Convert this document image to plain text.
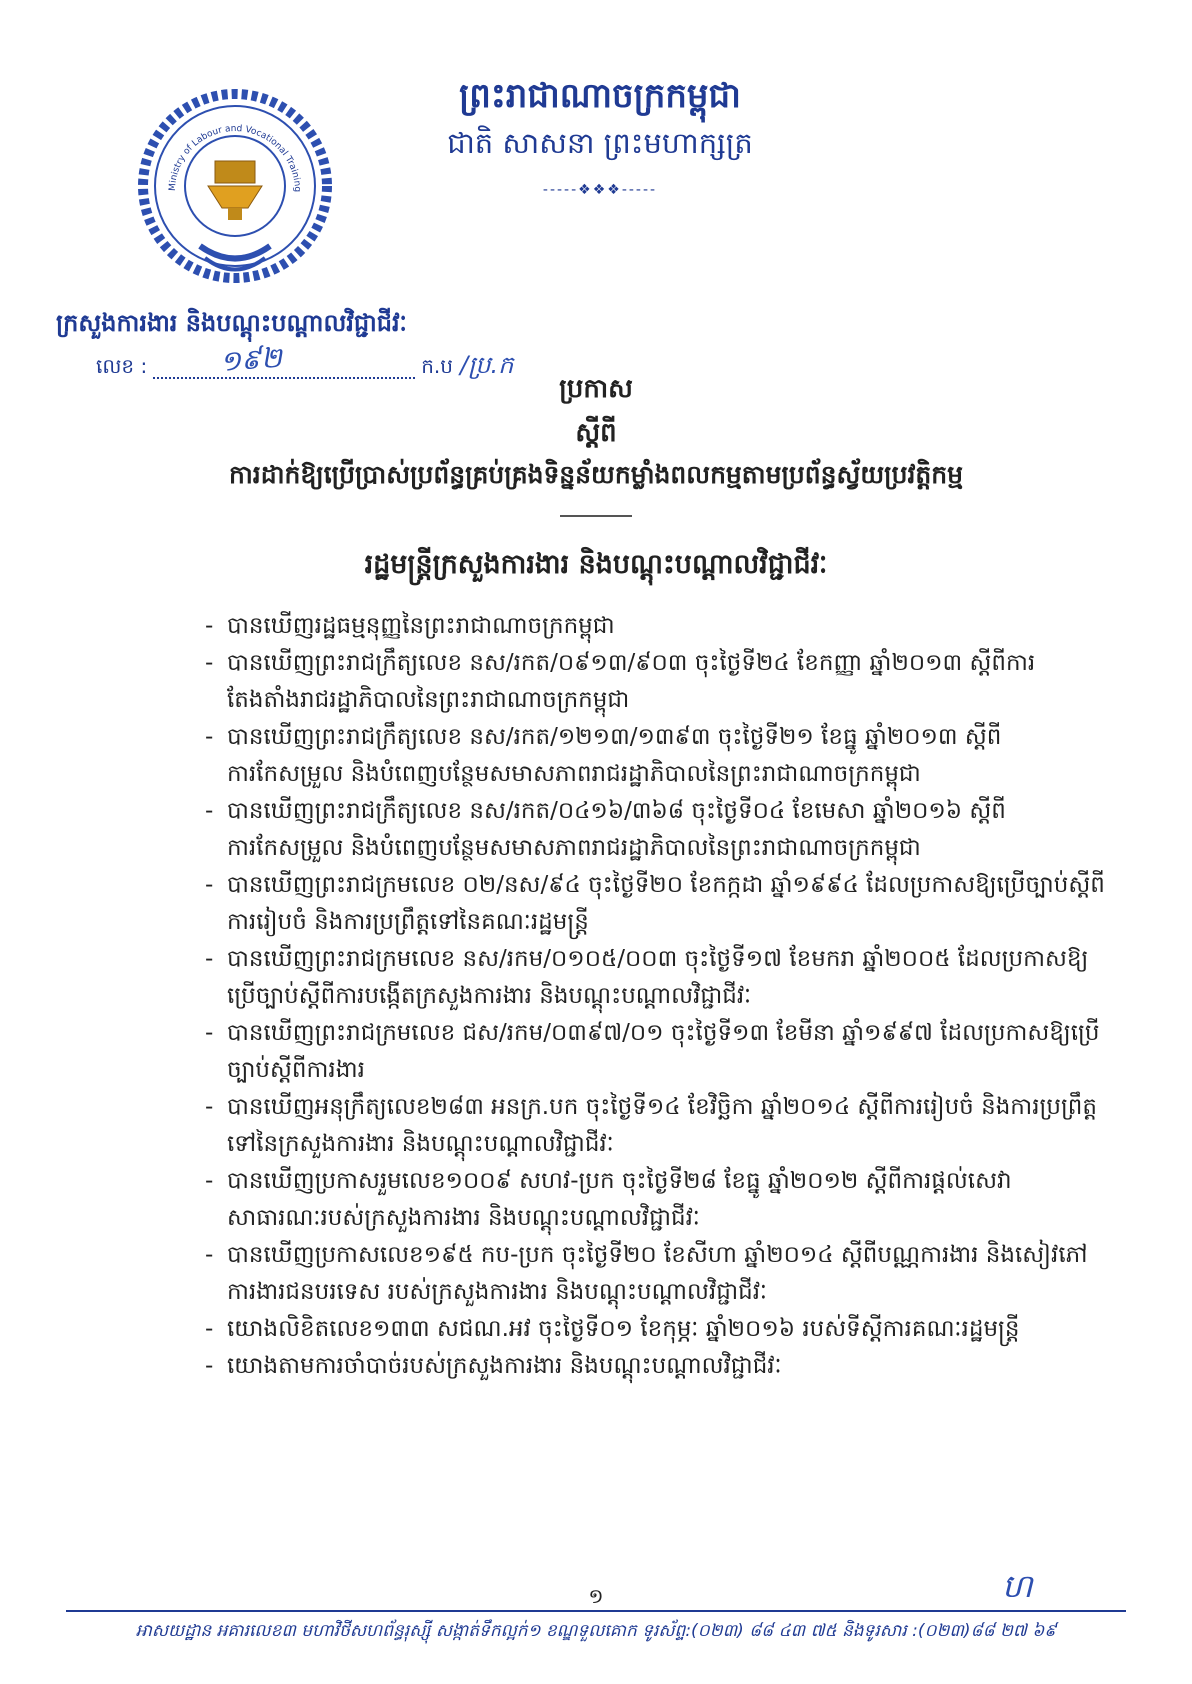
ព្រះរាជាណាចក្រកម្ពុជា
ជាតិ សាសនា ព្រះមហាក្សត្រ
-----❖❖❖-----
Ministry of Labour and Vocational Training
ក្រសួងការងារ និងបណ្តុះបណ្តាលវិជ្ជាជីវៈ
លេខ :	ក.ប
១៩២	/ប្រ.ក
ប្រកាស
ស្តីពី
ការដាក់ឱ្យប្រើប្រាស់ប្រព័ន្ធគ្រប់គ្រងទិន្នន័យកម្លាំងពលកម្មតាមប្រព័ន្ធស្វ័យប្រវត្តិកម្ម
រដ្ឋមន្ត្រីក្រសួងការងារ និងបណ្តុះបណ្តាលវិជ្ជាជីវៈ
- បានឃើញរដ្ឋធម្មនុញ្ញនៃព្រះរាជាណាចក្រកម្ពុជា
- បានឃើញព្រះរាជក្រឹត្យលេខ នស/រកត/០៩១៣/៩០៣ ចុះថ្ងៃទី២៤ ខែកញ្ញា ឆ្នាំ២០១៣ ស្តីពីការតែងតាំងរាជរដ្ឋាភិបាលនៃព្រះរាជាណាចក្រកម្ពុជា
- បានឃើញព្រះរាជក្រឹត្យលេខ នស/រកត/១២១៣/១៣៩៣ ចុះថ្ងៃទី២១ ខែធ្នូ ឆ្នាំ២០១៣ ស្តីពីការកែសម្រួល និងបំពេញបន្ថែមសមាសភាពរាជរដ្ឋាភិបាលនៃព្រះរាជាណាចក្រកម្ពុជា
- បានឃើញព្រះរាជក្រឹត្យលេខ នស/រកត/០៤១៦/៣៦៨ ចុះថ្ងៃទី០៤ ខែមេសា ឆ្នាំ២០១៦ ស្តីពីការកែសម្រួល និងបំពេញបន្ថែមសមាសភាពរាជរដ្ឋាភិបាលនៃព្រះរាជាណាចក្រកម្ពុជា
- បានឃើញព្រះរាជក្រមលេខ ០២/នស/៩៤ ចុះថ្ងៃទី២០ ខែកក្កដា ឆ្នាំ១៩៩៤ ដែលប្រកាសឱ្យប្រើច្បាប់ស្តីពីការរៀបចំ និងការប្រព្រឹត្តទៅនៃគណៈរដ្ឋមន្ត្រី
- បានឃើញព្រះរាជក្រមលេខ នស/រកម/០១០៥/០០៣ ចុះថ្ងៃទី១៧ ខែមករា ឆ្នាំ២០០៥ ដែលប្រកាសឱ្យប្រើច្បាប់ស្តីពីការបង្កើតក្រសួងការងារ និងបណ្តុះបណ្តាលវិជ្ជាជីវៈ
- បានឃើញព្រះរាជក្រមលេខ ជស/រកម/០៣៩៧/០១ ចុះថ្ងៃទី១៣ ខែមីនា ឆ្នាំ១៩៩៧ ដែលប្រកាសឱ្យប្រើច្បាប់ស្តីពីការងារ
- បានឃើញអនុក្រឹត្យលេខ២៨៣ អនក្រ.បក ចុះថ្ងៃទី១៤ ខែវិច្ឆិកា ឆ្នាំ២០១៤ ស្តីពីការរៀបចំ និងការប្រព្រឹត្តទៅនៃក្រសួងការងារ និងបណ្តុះបណ្តាលវិជ្ជាជីវៈ
- បានឃើញប្រកាសរួមលេខ១០០៩ សហវ-ប្រក ចុះថ្ងៃទី២៨ ខែធ្នូ ឆ្នាំ២០១២ ស្តីពីការផ្តល់សេវាសាធារណៈរបស់ក្រសួងការងារ និងបណ្តុះបណ្តាលវិជ្ជាជីវៈ
- បានឃើញប្រកាសលេខ១៩៥ កប-ប្រក ចុះថ្ងៃទី២០ ខែសីហា ឆ្នាំ២០១៤ ស្តីពីបណ្ណការងារ និងសៀវភៅ ការងារជនបរទេស របស់ក្រសួងការងារ និងបណ្តុះបណ្តាលវិជ្ជាជីវៈ
- យោងលិខិតលេខ១៣៣ សជណ.អវ ចុះថ្ងៃទី០១ ខែកុម្ភៈ ឆ្នាំ២០១៦ របស់ទីស្តីការគណៈរដ្ឋមន្ត្រី
- យោងតាមការចាំបាច់របស់ក្រសួងការងារ និងបណ្តុះបណ្តាលវិជ្ជាជីវៈ
១	ហ
អាសយដ្ឋាន អគារលេខ៣ មហាវិថីសហព័ន្ធរុស្ស៊ី សង្កាត់ទឹកល្អក់១ ខណ្ឌទួលគោក ទូរស័ព្ទ:(០២៣) ៨៨ ៤៣ ៧៥ និងទូរសារ :(០២៣)៨៨ ២៧ ៦៩
